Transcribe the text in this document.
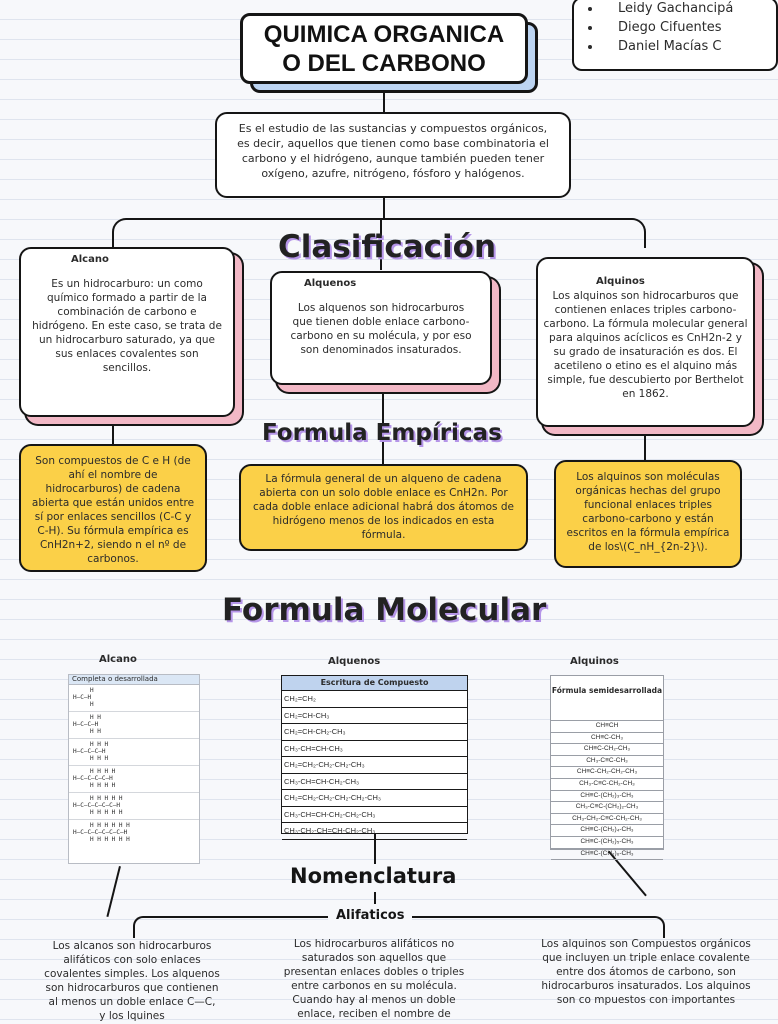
QUIMICA ORGANICA
O DEL CARBONO
• Leidy Gachancipá
• Diego Cifuentes
• Daniel Macías C
Es el estudio de las sustancias y compuestos orgánicos, es decir, aquellos que tienen como base combinatoria el carbono y el hidrógeno, aunque también pueden tener oxígeno, azufre, nitrógeno, fósforo y halógenos.
Clasificación
Alcano
Es un hidrocarburo: un como químico formado a partir de la combinación de carbono e hidrógeno. En este caso, se trata de un hidrocarburo saturado, ya que sus enlaces covalentes son sencillos.
Alquenos
Los alquenos son hidrocarburos que tienen doble enlace carbono-carbono en su molécula, y por eso son denominados insaturados.
Alquinos
Los alquinos son hidrocarburos que contienen enlaces triples carbono-carbono. La fórmula molecular general para alquinos acíclicos es CnH2n-2 y su grado de insaturación es dos. El acetileno o etino es el alquino más simple, fue descubierto por Berthelot en 1862.
Formula Empíricas
Son compuestos de C e H (de ahí el nombre de hidrocarburos) de cadena abierta que están unidos entre sí por enlaces sencillos (C-C y C-H). Su fórmula empírica es CnH2n+2, siendo n el nº de carbonos.
La fórmula general de un alqueno de cadena abierta con un solo doble enlace es CnH2n. Por cada doble enlace adicional habrá dos átomos de hidrógeno menos de los indicados en esta fórmula.
Los alquinos son moléculas orgánicas hechas del grupo funcional enlaces triples carbono-carbono y están escritos en la fórmula empírica de los\(C_nH_{2n-2}\).
Formula Molecular
Alcano
Completa o desarrollada
H
H—C—H
H
H H
H—C—C—H
H H
H H H
H—C—C—C—H
H H H
H H H H
H—C—C—C—C—H
H H H H
H H H H H
H—C—C—C—C—C—H
H H H H H
H H H H H H
H—C—C—C—C—C—C—H
H H H H H H
Alquenos
Escritura de Compuesto
CH₂=CH₂
CH₂=CH-CH₃
CH₂=CH-CH₂-CH₃
CH₃-CH=CH-CH₃
CH₂=CH₂-CH₂-CH₂-CH₃
CH₃-CH=CH-CH₂-CH₃
CH₂=CH₂-CH₂-CH₂-CH₂-CH₃
CH₃-CH=CH-CH₂-CH₂-CH₃
CH₃-CH₂-CH=CH-CH₂-CH₃
Alquinos
Fórmula semidesarrollada
CH≡CH
CH≡C-CH₃
CH≡C-CH₂-CH₃
CH₃-C≡C-CH₃
CH≡C-CH₂-CH₂-CH₃
CH₃-C≡C-CH₂-CH₃
CH≡C-(CH₂)₃-CH₃
CH₃-C≡C-(CH₂)₂-CH₃
CH₃-CH₂-C≡C-CH₂-CH₃
CH≡C-(CH₂)₄-CH₃
CH≡C-(CH₂)₅-CH₃
CH≡C-(CH₂)₆-CH₃
Nomenclatura
Alifaticos
Los alcanos son hidrocarburos alifáticos con solo enlaces covalentes simples. Los alquenos son hidrocarburos que contienen al menos un doble enlace C—C, y los lquines
Los hidrocarburos alifáticos no saturados son aquellos que presentan enlaces dobles o triples entre carbonos en su molécula. Cuando hay al menos un doble enlace, reciben el nombre de
Los alquinos son Compuestos orgánicos que incluyen un triple enlace covalente entre dos átomos de carbono, son hidrocarburos insaturados. Los alquinos son co mpuestos con importantes
